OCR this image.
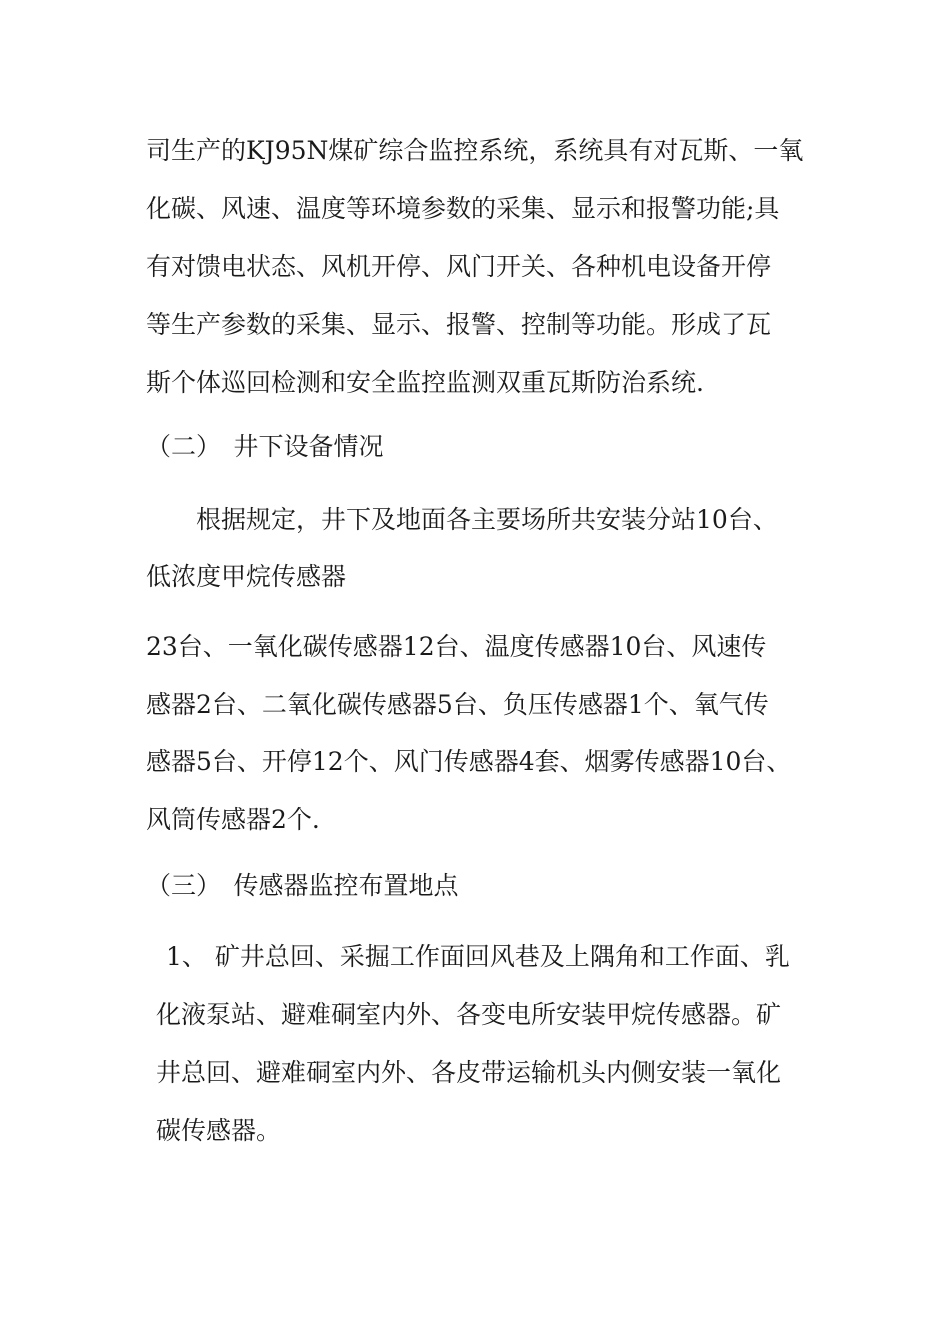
司生产的KJ95N煤矿综合监控系统，系统具有对瓦斯、一氧

化碳、风速、温度等环境参数的采集、显示和报警功能;具

有对馈电状态、风机开停、风门开关、各种机电设备开停

等生产参数的采集、显示、报警、控制等功能。形成了瓦

斯个体巡回检测和安全监控监测双重瓦斯防治系统.

（二）　井下设备情况

根据规定，井下及地面各主要场所共安装分站10台、

低浓度甲烷传感器

23台、一氧化碳传感器12台、温度传感器10台、风速传

感器2台、二氧化碳传感器5台、负压传感器1个、氧气传

感器5台、开停12个、风门传感器4套、烟雾传感器10台、

风筒传感器2个.

（三）　传感器监控布置地点

1、 矿井总回、采掘工作面回风巷及上隅角和工作面、乳

化液泵站、避难硐室内外、各变电所安装甲烷传感器。矿

井总回、避难硐室内外、各皮带运输机头内侧安装一氧化

碳传感器。
